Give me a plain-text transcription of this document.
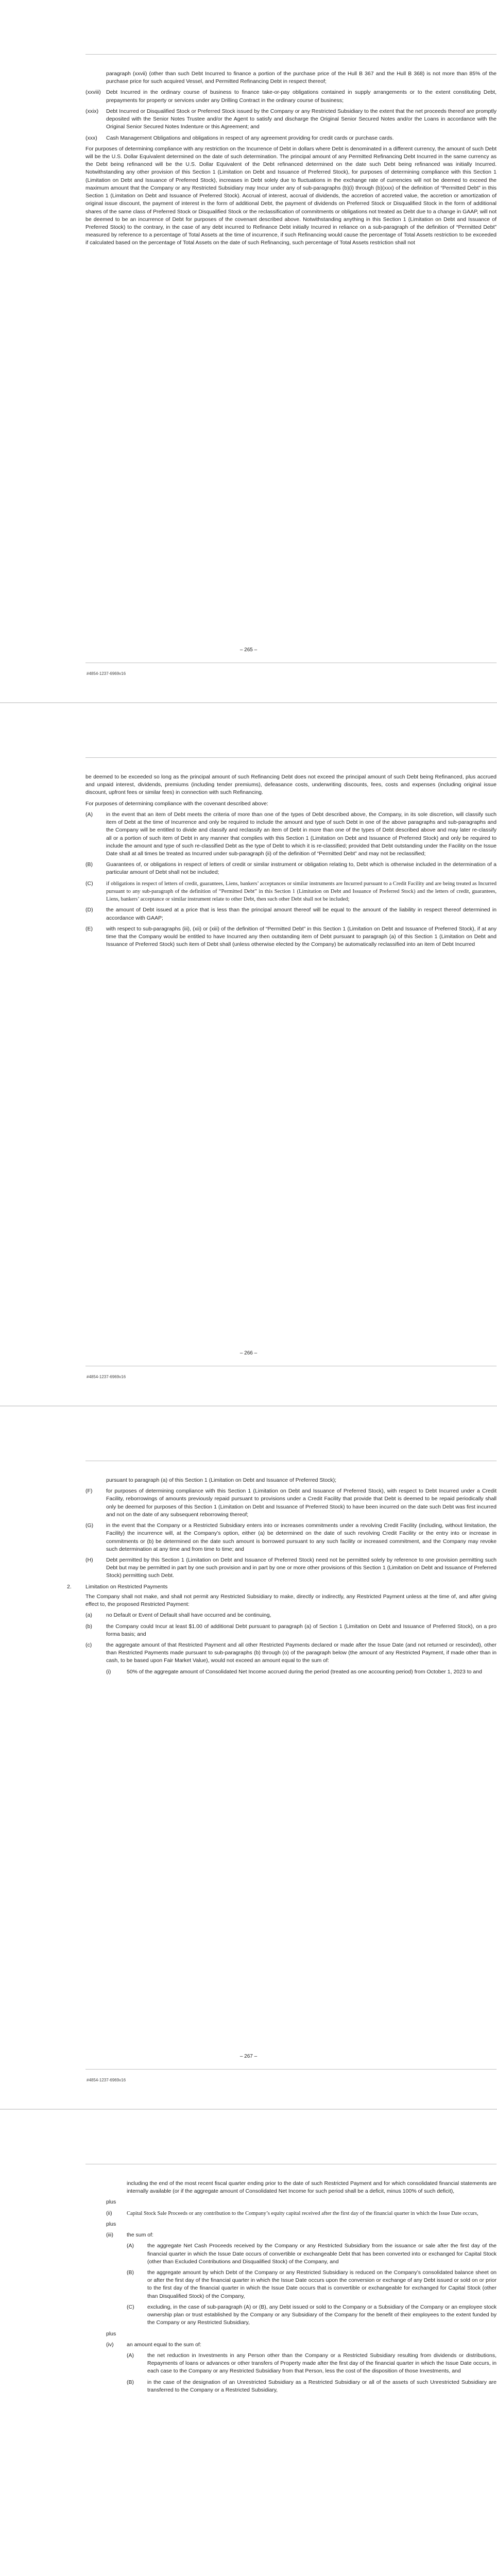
paragraph (xxvii) (other than such Debt Incurred to finance a portion of the purchase price of the Hull B 367 and the Hull B 368) is not more than 85% of the purchase price for such acquired Vessel, and Permitted Refinancing Debt in respect thereof;

(xxviii) Debt Incurred in the ordinary course of business to finance take-or-pay obligations contained in supply arrangements or to the extent constituting Debt, prepayments for property or services under any Drilling Contract in the ordinary course of business;
(xxix)	Debt Incurred or Disqualified Stock or Preferred Stock issued by the Company or any Restricted Subsidiary to the extent that the net proceeds thereof are promptly deposited with the Senior Notes Trustee and/or the Agent to satisfy and discharge the Original Senior Secured Notes and/or the Loans in accordance with the Original Senior Secured Notes Indenture or this Agreement; and
(xxx)	Cash Management Obligations and obligations in respect of any agreement providing for credit cards or purchase cards.

For purposes of determining compliance with any restriction on the Incurrence of Debt in dollars where Debt is denominated in a different currency, the amount of such Debt will be the U.S. Dollar Equivalent determined on the date of such determination. The principal amount of any Permitted Refinancing Debt Incurred in the same currency as the Debt being refinanced will be the U.S. Dollar Equivalent of the Debt refinanced determined on the date such Debt being refinanced was initially Incurred. Notwithstanding any other provision of this Section 1 (Limitation on Debt and Issuance of Preferred Stock), for purposes of determining compliance with this Section 1 (Limitation on Debt and Issuance of Preferred Stock), increases in Debt solely due to fluctuations in the exchange rate of currencies will not be deemed to exceed the maximum amount that the Company or any Restricted Subsidiary may Incur under any of sub-paragraphs (b)(i) through (b)(xxx) of the definition of “Permitted Debt” in this Section 1 (Limitation on Debt and Issuance of Preferred Stock). Accrual of interest, accrual of dividends, the accretion of accreted value, the accretion or amortization of original issue discount, the payment of interest in the form of additional Debt, the payment of dividends on Preferred Stock or Disqualified Stock in the form of additional shares of the same class of Preferred Stock or Disqualified Stock or the reclassification of commitments or obligations not treated as Debt due to a change in GAAP, will not be deemed to be an incurrence of Debt for purposes of the covenant described above. Notwithstanding anything in this Section 1 (Limitation on Debt and Issuance of Preferred Stock) to the contrary, in the case of any debt incurred to Refinance Debt initially Incurred in reliance on a sub-paragraph of the definition of “Permitted Debt” measured by reference to a percentage of Total Assets at the time of incurrence, if such Refinancing would cause the percentage of Total Assets restriction to be exceeded if calculated based on the percentage of Total Assets on the date of such Refinancing, such percentage of Total Assets restriction shall not

– 265 –
#4854-1237-6969v16

be deemed to be exceeded so long as the principal amount of such Refinancing Debt does not exceed the principal amount of such Debt being Refinanced, plus accrued and unpaid interest, dividends, premiums (including tender premiums), defeasance costs, underwriting discounts, fees, costs and expenses (including original issue discount, upfront fees or similar fees) in connection with such Refinancing.

For purposes of determining compliance with the covenant described above:

(A)	in the event that an item of Debt meets the criteria of more than one of the types of Debt described above, the Company, in its sole discretion, will classify such item of Debt at the time of Incurrence and only be required to include the amount and type of such Debt in one of the above paragraphs and sub-paragraphs and the Company will be entitled to divide and classify and reclassify an item of Debt in more than one of the types of Debt described above and may later re-classify all or a portion of such item of Debt in any manner that complies with this Section 1 (Limitation on Debt and Issuance of Preferred Stock) and only be required to include the amount and type of such re-classified Debt as the type of Debt to which it is re-classified; provided that Debt outstanding under the Facility on the Issue Date shall at all times be treated as Incurred under sub-paragraph (ii) of the definition of “Permitted Debt” and may not be reclassified;
(B)	Guarantees of, or obligations in respect of letters of credit or similar instrument or obligation relating to, Debt which is otherwise included in the determination of a particular amount of Debt shall not be included;
(C)	if obligations in respect of letters of credit, guarantees, Liens, bankers’ acceptances or similar instruments are Incurred pursuant to a Credit Facility and are being treated as Incurred pursuant to any sub-paragraph of the definition of “Permitted Debt” in this Section 1 (Limitation on Debt and Issuance of Preferred Stock) and the letters of credit, guarantees, Liens, bankers’ acceptance or similar instrument relate to other Debt, then such other Debt shall not be included;
(D)	the amount of Debt issued at a price that is less than the principal amount thereof will be equal to the amount of the liability in respect thereof determined in accordance with GAAP;
(E)	with respect to sub-paragraphs (iii), (xii) or (xiii) of the definition of “Permitted Debt” in this Section 1 (Limitation on Debt and Issuance of Preferred Stock), if at any time that the Company would be entitled to have Incurred any then outstanding item of Debt pursuant to paragraph (a) of this Section 1 (Limitation on Debt and Issuance of Preferred Stock) such item of Debt shall (unless otherwise elected by the Company) be automatically reclassified into an item of Debt Incurred
– 266 –
#4854-1237-6969v16

pursuant to paragraph (a) of this Section 1 (Limitation on Debt and Issuance of Preferred Stock);

(F)	for purposes of determining compliance with this Section 1 (Limitation on Debt and Issuance of Preferred Stock), with respect to Debt Incurred under a Credit Facility, reborrowings of amounts previously repaid pursuant to provisions under a Credit Facility that provide that Debt is deemed to be repaid periodically shall only be deemed for purposes of this Section 1 (Limitation on Debt and Issuance of Preferred Stock) to have been incurred on the date such Debt was first incurred and not on the date of any subsequent reborrowing thereof;
(G)	in the event that the Company or a Restricted Subsidiary enters into or increases commitments under a revolving Credit Facility (including, without limitation, the Facility) the incurrence will, at the Company’s option, either (a) be determined on the date of such revolving Credit Facility or the entry into or increase in commitments or (b) be determined on the date such amount is borrowed pursuant to any such facility or increased commitment, and the Company may revoke such determination at any time and from time to time; and
(H)	Debt permitted by this Section 1 (Limitation on Debt and Issuance of Preferred Stock) need not be permitted solely by reference to one provision permitting such Debt but may be permitted in part by one such provision and in part by one or more other provisions of this Section 1 (Limitation on Debt and Issuance of Preferred Stock) permitting such Debt.
2.	Limitation on Restricted Payments

The Company shall not make, and shall not permit any Restricted Subsidiary to make, directly or indirectly, any Restricted Payment unless at the time of, and after giving effect to, the proposed Restricted Payment:

(a)	no Default or Event of Default shall have occurred and be continuing,
(b)	the Company could Incur at least $1.00 of additional Debt pursuant to paragraph (a) of Section 1 (Limitation on Debt and Issuance of Preferred Stock), on a pro forma basis; and
(c)	the aggregate amount of that Restricted Payment and all other Restricted Payments declared or made after the Issue Date (and not returned or rescinded), other than Restricted Payments made pursuant to sub-paragraphs (b) through (o) of the paragraph below (the amount of any Restricted Payment, if made other than in cash, to be based upon Fair Market Value), would not exceed an amount equal to the sum of:
(i)	50% of the aggregate amount of Consolidated Net Income accrued during the period (treated as one accounting period) from October 1, 2023 to and
– 267 –
#4854-1237-6969v16

including the end of the most recent fiscal quarter ending prior to the date of such Restricted Payment and for which consolidated financial statements are internally available (or if the aggregate amount of Consolidated Net Income for such period shall be a deficit, minus 100% of such deficit),

plus

(ii)	Capital Stock Sale Proceeds or any contribution to the Company’s equity capital received after the first day of the financial quarter in which the Issue Date occurs,

plus

(iii)	the sum of:
(A)	the aggregate Net Cash Proceeds received by the Company or any Restricted Subsidiary from the issuance or sale after the first day of the financial quarter in which the Issue Date occurs of convertible or exchangeable Debt that has been converted into or exchanged for Capital Stock (other than Excluded Contributions and Disqualified Stock) of the Company, and
(B)	the aggregate amount by which Debt of the Company or any Restricted Subsidiary is reduced on the Company’s consolidated balance sheet on or after the first day of the financial quarter in which the Issue Date occurs upon the conversion or exchange of any Debt issued or sold on or prior to the first day of the financial quarter in which the Issue Date occurs that is convertible or exchangeable for exchanged for Capital Stock (other than Disqualified Stock) of the Company,
(C)	excluding, in the case of sub-paragraph (A) or (B), any Debt issued or sold to the Company or a Subsidiary of the Company or an employee stock ownership plan or trust established by the Company or any Subsidiary of the Company for the benefit of their employees to the extent funded by the Company or any Restricted Subsidiary,

plus

(iv)	an amount equal to the sum of:
(A)	the net reduction in Investments in any Person other than the Company or a Restricted Subsidiary resulting from dividends or distributions, Repayments of loans or advances or other transfers of Property made after the first day of the financial quarter in which the Issue Date occurs, in each case to the Company or any Restricted Subsidiary from that Person, less the cost of the disposition of those Investments, and
(B)	in the case of the designation of an Unrestricted Subsidiary as a Restricted Subsidiary or all of the assets of such Unrestricted Subsidiary are transferred to the Company or a Restricted Subsidiary,
